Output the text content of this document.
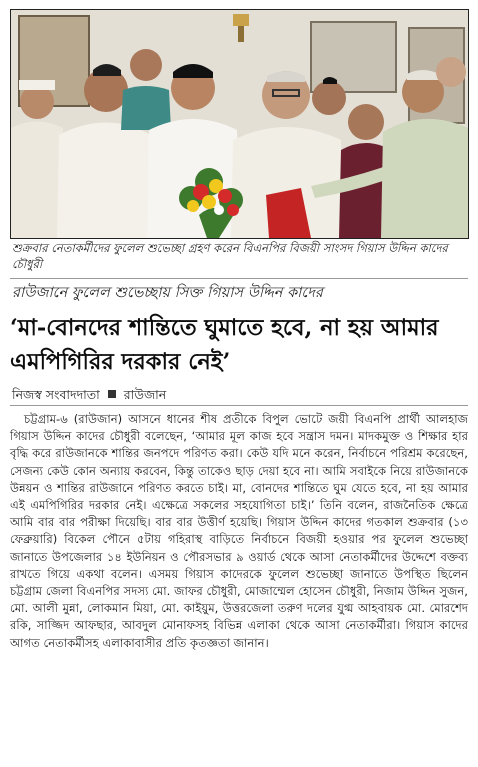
শুক্রবার নেতাকর্মীদের ফুলেল শুভেচ্ছা গ্রহণ করেন বিএনপির বিজয়ী সাংসদ গিয়াস উদ্দিন কাদের চৌধুরী
রাউজানে ফুলেল শুভেচ্ছায় সিক্ত গিয়াস উদ্দিন কাদের
‘মা-বোনদের শান্তিতে ঘুমাতে হবে, না হয় আমার এমপিগিরির দরকার নেই’
নিজস্ব সংবাদদাতা রাউজান
চট্টগ্রাম-৬ (রাউজান) আসনে ধানের শীষ প্রতীকে বিপুল ভোটে জয়ী বিএনপি প্রার্থী আলহাজ গিয়াস উদ্দিন কাদের চৌধুরী বলেছেন, ‘আমার মূল কাজ হবে সন্ত্রাস দমন। মাদকমুক্ত ও শিক্ষার হার বৃদ্ধি করে রাউজানকে শান্তির জনপদে পরিণত করা। কেউ যদি মনে করেন, নির্বাচনে পরিশ্রম করেছেন, সেজন্য কেউ কোন অন্যায় করবেন, কিন্তু তাকেও ছাড় দেয়া হবে না। আমি সবাইকে নিয়ে রাউজানকে উন্নয়ন ও শান্তির রাউজানে পরিণত করতে চাই। মা, বোনদের শান্তিতে ঘুম যেতে হবে, না হয় আমার এই এমপিগিরির দরকার নেই। এক্ষেত্রে সকলের সহযোগিতা চাই।’ তিনি বলেন, রাজনৈতিক ক্ষেত্রে আমি বার বার পরীক্ষা দিয়েছি। বার বার উত্তীর্ণ হয়েছি। গিয়াস উদ্দিন কাদের গতকাল শুক্রবার (১৩ ফেব্রুয়ারি) বিকেল পৌনে ৫টায় গহিরাস্থ বাড়িতে নির্বাচনে বিজয়ী হওয়ার পর ফুলেল শুভেচ্ছা জানাতে উপজেলার ১৪ ইউনিয়ন ও পৌরসভার ৯ ওয়ার্ড থেকে আসা নেতাকর্মীদের উদ্দেশে বক্তব্য রাখতে গিয়ে একথা বলেন। এসময় গিয়াস কাদেরকে ফুলেল শুভেচ্ছা জানাতে উপস্থিত ছিলেন চট্টগ্রাম জেলা বিএনপির সদস্য মো. জাফর চৌধুরী, মোজাম্মেল হোসেন চৌধুরী, নিজাম উদ্দিন সুজন, মো. আলী মুন্না, লোকমান মিয়া, মো. কাইয়ুম, উত্তরজেলা তরুণ দলের যুগ্ম আহবায়ক মো. মোরশেদ রকি, সাজ্জিদ আফছার, আবদুল মোনাফসহ বিভিন্ন এলাকা থেকে আসা নেতাকর্মীরা। গিয়াস কাদের আগত নেতাকর্মীসহ এলাকাবাসীর প্রতি কৃতজ্ঞতা জানান।
